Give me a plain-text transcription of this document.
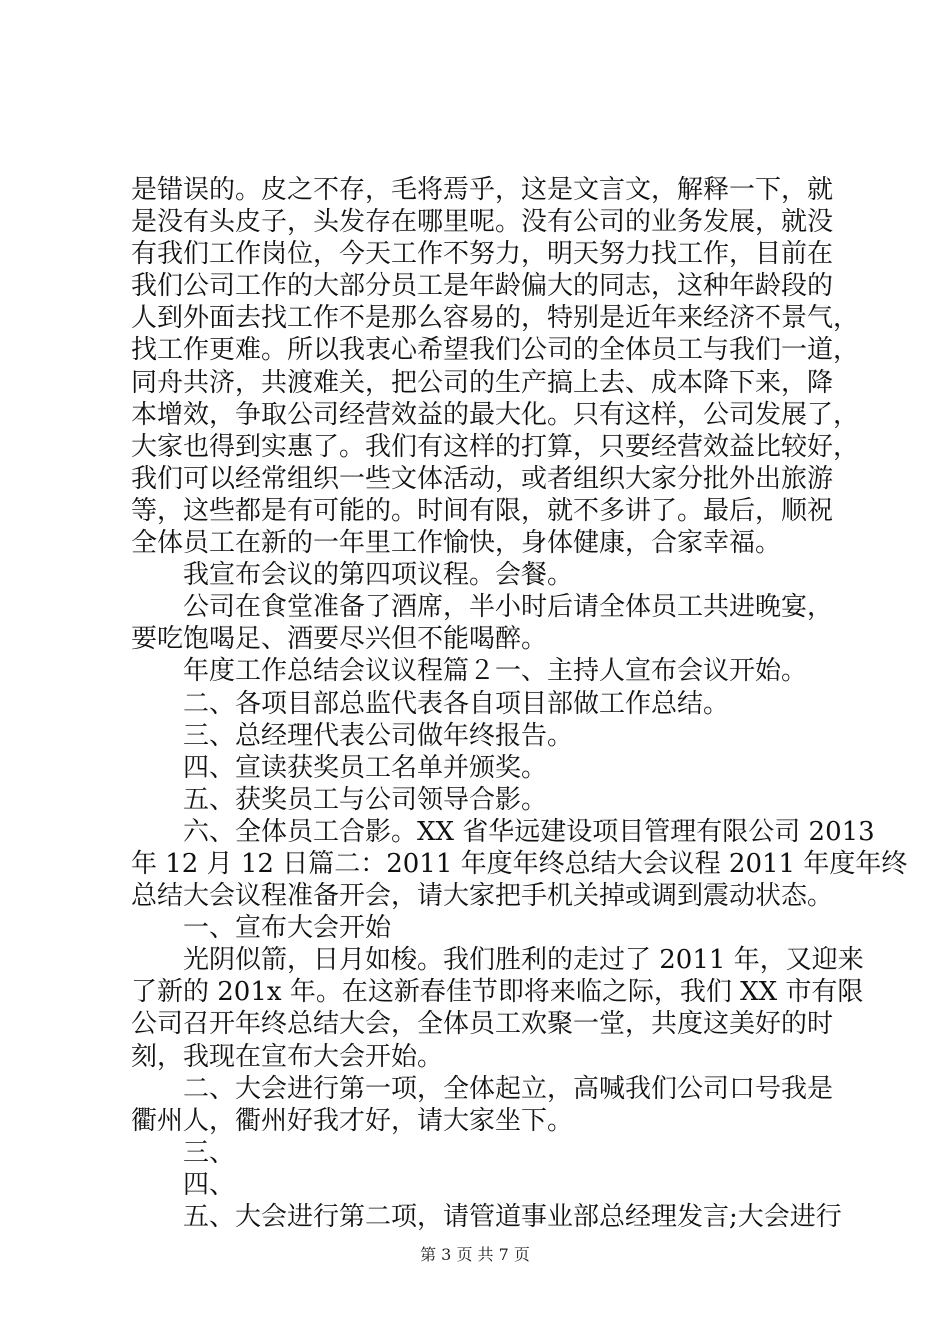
是错误的。皮之不存，毛将焉乎，这是文言文，解释一下，就
是没有头皮子，头发存在哪里呢。没有公司的业务发展，就没
有我们工作岗位，今天工作不努力，明天努力找工作，目前在
我们公司工作的大部分员工是年龄偏大的同志，这种年龄段的
人到外面去找工作不是那么容易的，特别是近年来经济不景气，
找工作更难。所以我衷心希望我们公司的全体员工与我们一道，
同舟共济，共渡难关，把公司的生产搞上去、成本降下来，降
本增效，争取公司经营效益的最大化。只有这样，公司发展了，
大家也得到实惠了。我们有这样的打算，只要经营效益比较好，
我们可以经常组织一些文体活动，或者组织大家分批外出旅游
等，这些都是有可能的。时间有限，就不多讲了。最后，顺祝
全体员工在新的一年里工作愉快，身体健康，合家幸福。
我宣布会议的第四项议程。会餐。
公司在食堂准备了酒席，半小时后请全体员工共进晚宴，
要吃饱喝足、酒要尽兴但不能喝醉。
年度工作总结会议议程篇２一、主持人宣布会议开始。
二、各项目部总监代表各自项目部做工作总结。
三、总经理代表公司做年终报告。
四、宣读获奖员工名单并颁奖。
五、获奖员工与公司领导合影。
六、全体员工合影。XX 省华远建设项目管理有限公司 2013
年 12 月 12 日篇二：2011 年度年终总结大会议程 2011 年度年终
总结大会议程准备开会，请大家把手机关掉或调到震动状态。
一、宣布大会开始
光阴似箭，日月如梭。我们胜利的走过了 2011 年，又迎来
了新的 201x 年。在这新春佳节即将来临之际，我们 XX 市有限
公司召开年终总结大会，全体员工欢聚一堂，共度这美好的时
刻，我现在宣布大会开始。
二、大会进行第一项，全体起立，高喊我们公司口号我是
衢州人，衢州好我才好，请大家坐下。
三、
四、
五、大会进行第二项，请管道事业部总经理发言;大会进行

第 3 页 共 7 页
